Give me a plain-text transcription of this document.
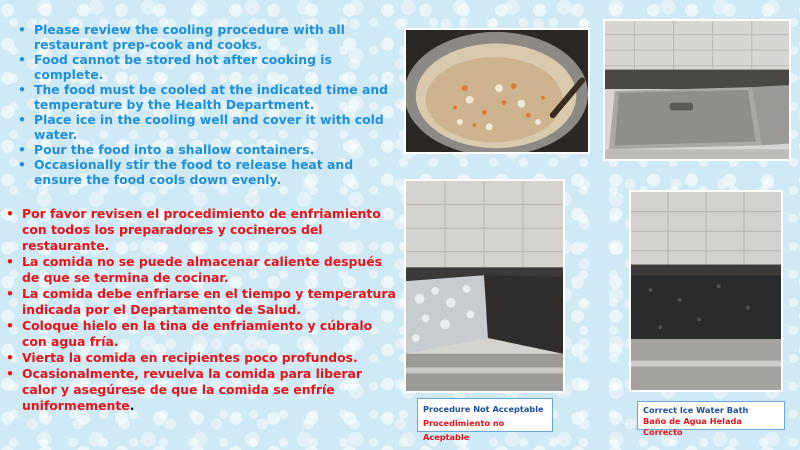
• Please review the cooling procedure with all restaurant prep-cook and cooks.
• Food cannot be stored hot after cooking is complete.
• The food must be cooled at the indicated time and temperature by the Health Department.
• Place ice in the cooling well and cover it with cold water.
• Pour the food into a shallow containers.
• Occasionally stir the food to release heat and ensure the food cools down evenly.
• Por favor revisen el procedimiento de enfriamiento con todos los preparadores y cocineros del restaurante.
• La comida no se puede almacenar caliente después de que se termina de cocinar.
• La comida debe enfriarse en el tiempo y temperatura indicada por el Departamento de Salud.
• Coloque hielo en la tina de enfriamiento y cúbralo con agua fría.
• Vierta la comida en recipientes poco profundos.
• Ocasionalmente, revuelva la comida para liberar calor y asegúrese de que la comida se enfríe uniformemente.	Procedure Not Acceptable
Procedimiento no Aceptable
Correct Ice Water Bath
Baño de Agua Helada Correcto
